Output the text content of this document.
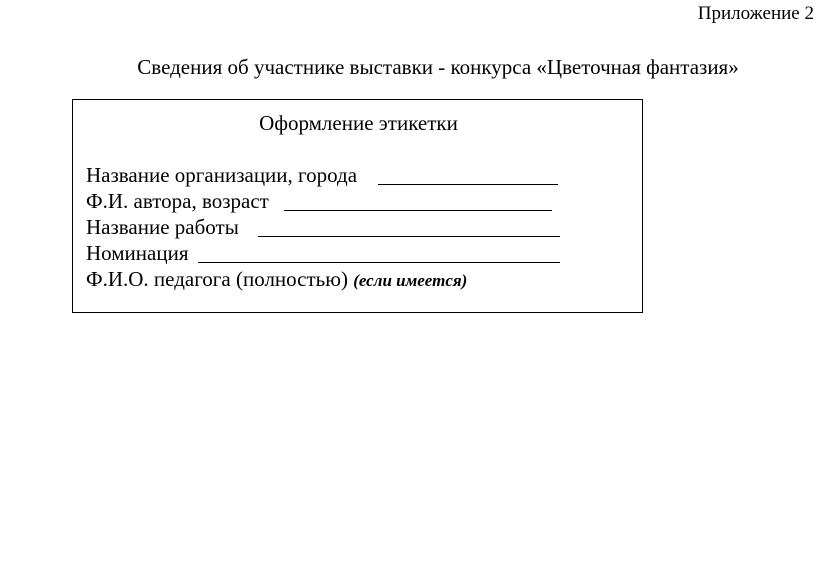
Приложение 2
Сведения об участнике выставки - конкурса «Цветочная фантазия»
Оформление этикетки
Название организации, города
Ф.И. автора, возраст
Название работы
Номинация
Ф.И.О. педагога (полностью) (если имеется)
